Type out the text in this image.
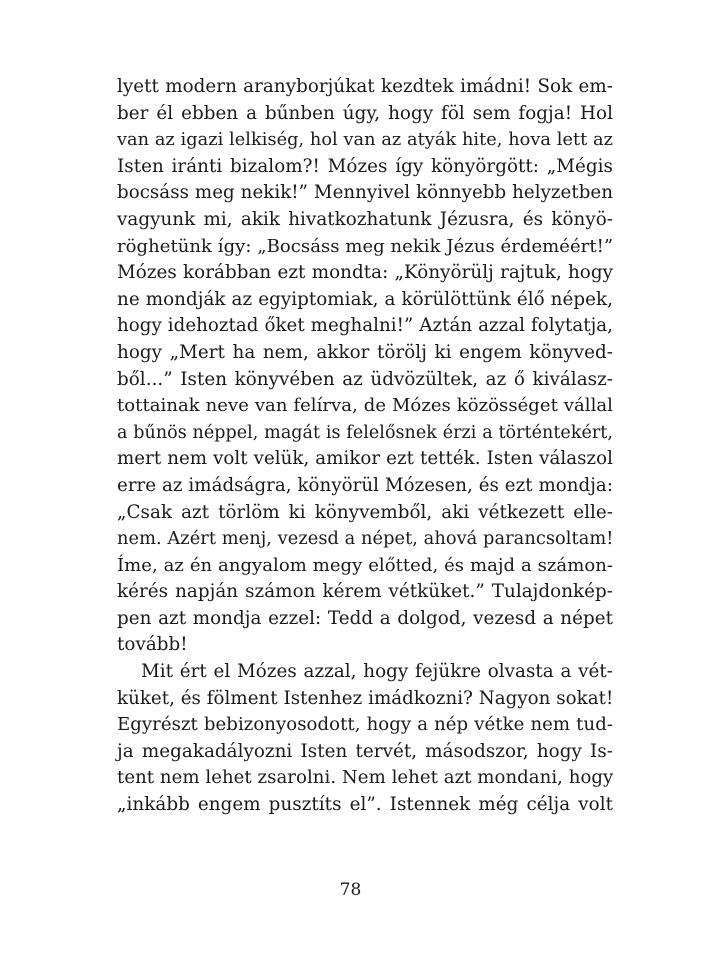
lyett modern aranyborjúkat kezdtek imádni! Sok em-
ber él ebben a bűnben úgy, hogy föl sem fogja! Hol
van az igazi lelkiség, hol van az atyák hite, hova lett az
Isten iránti bizalom?! Mózes így könyörgött: „Mégis
bocsáss meg nekik!” Mennyivel könnyebb helyzetben
vagyunk mi, akik hivatkozhatunk Jézusra, és könyö-
röghetünk így: „Bocsáss meg nekik Jézus érdeméért!”
Mózes korábban ezt mondta: „Könyörülj rajtuk, hogy
ne mondják az egyiptomiak, a körülöttünk élő népek,
hogy idehoztad őket meghalni!” Aztán azzal folytatja,
hogy „Mert ha nem, akkor törölj ki engem könyved-
ből...” Isten könyvében az üdvözültek, az ő kiválasz-
tottainak neve van felírva, de Mózes közösséget vállal
a bűnös néppel, magát is felelősnek érzi a történtekért,
mert nem volt velük, amikor ezt tették. Isten válaszol
erre az imádságra, könyörül Mózesen, és ezt mondja:
„Csak azt törlöm ki könyvemből, aki vétkezett elle-
nem. Azért menj, vezesd a népet, ahová parancsoltam!
Íme, az én angyalom megy előtted, és majd a számon-
kérés napján számon kérem vétküket.” Tulajdonkép-
pen azt mondja ezzel: Tedd a dolgod, vezesd a népet
tovább!
Mit ért el Mózes azzal, hogy fejükre olvasta a vét-
küket, és fölment Istenhez imádkozni? Nagyon sokat!
Egyrészt bebizonyosodott, hogy a nép vétke nem tud-
ja megakadályozni Isten tervét, másodszor, hogy Is-
tent nem lehet zsarolni. Nem lehet azt mondani, hogy
„inkább engem pusztíts el”. Istennek még célja volt
78
